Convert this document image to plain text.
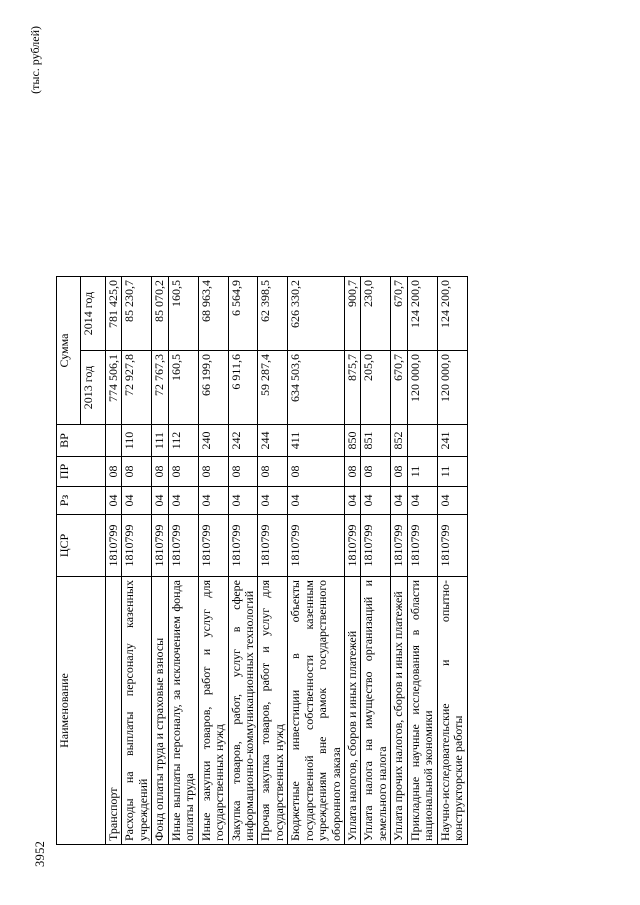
3952
(тыс. рублей)
Наименование	ЦСР	Рз	ПР	ВР	Сумма	
					2013 год	2014 год
Транспорт	1810799	04	08		774 506,1	781 425,0
Расходы на выплаты персоналу казенных учреждений	1810799	04	08	110	72 927,8	85 230,7
Фонд оплаты труда и страховые взносы	1810799	04	08	111	72 767,3	85 070,2
Иные выплаты персоналу, за исключением фонда оплаты труда	1810799	04	08	112	160,5	160,5
Иные закупки товаров, работ и услуг для государственных нужд	1810799	04	08	240	66 199,0	68 963,4
Закупка товаров, работ, услуг в сфере информационно-коммуникационных технологий	1810799	04	08	242	6 911,6	6 564,9
Прочая закупка товаров, работ и услуг для государственных нужд	1810799	04	08	244	59 287,4	62 398,5
Бюджетные инвестиции в объекты государственной собственности казенным учреждениям вне рамок государственного оборонного заказа	1810799	04	08	411	634 503,6	626 330,2
Уплата налогов, сборов и иных платежей	1810799	04	08	850	875,7	900,7
Уплата налога на имущество организаций и земельного налога	1810799	04	08	851	205,0	230,0
Уплата прочих налогов, сборов и иных платежей	1810799	04	08	852	670,7	670,7
Прикладные научные исследования в области национальной экономики	1810799	04	11		120 000,0	124 200,0
Научно-исследовательские и опытно-конструкторские работы	1810799	04	11	241	120 000,0	124 200,0
